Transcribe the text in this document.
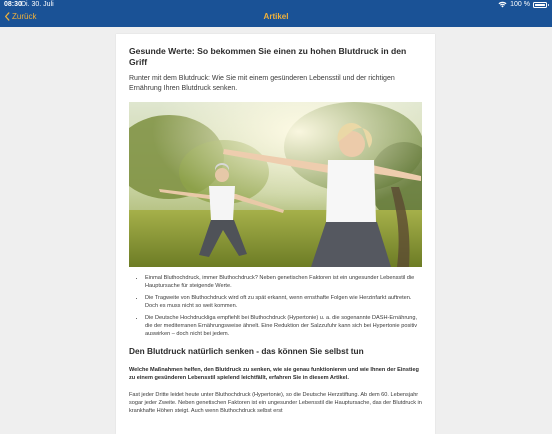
08:30 Di. 30. Juli	100 %
Zurück	Artikel
Gesunde Werte: So bekommen Sie einen zu hohen Blutdruck in den Griff

Runter mit dem Blutdruck: Wie Sie mit einem gesünderen Lebensstil und der richtigen Ernährung Ihren Blutdruck senken.

• Einmal Bluthochdruck, immer Bluthochdruck? Neben genetischen Faktoren ist ein ungesunder Lebensstil die Hauptursache für steigende Werte.
• Die Tragweite von Bluthochdruck wird oft zu spät erkannt, wenn ernsthafte Folgen wie Herzinfarkt auftreten. Doch es muss nicht so weit kommen.
• Die Deutsche Hochdruckliga empfiehlt bei Bluthochdruck (Hypertonie) u. a. die sogenannte DASH-Ernährung, die der mediterranen Ernährungsweise ähnelt. Eine Reduktion der Salzzufuhr kann sich bei Hypertonie positiv auswirken – doch nicht bei jedem.
Den Blutdruck natürlich senken - das können Sie selbst tun

Welche Maßnahmen helfen, den Blutdruck zu senken, wie sie genau funktionieren und wie Ihnen der Einstieg zu einem gesünderen Lebensstil spielend leichtfällt, erfahren Sie in diesem Artikel.

Fast jeder Dritte leidet heute unter Bluthochdruck (Hypertonie), so die Deutsche Herzstiftung. Ab dem 60. Lebensjahr sogar jeder Zweite. Neben genetischen Faktoren ist ein ungesunder Lebensstil die Hauptursache, das der Blutdruck in krankhafte Höhen steigt. Auch wenn Bluthochdruck selbst erst
